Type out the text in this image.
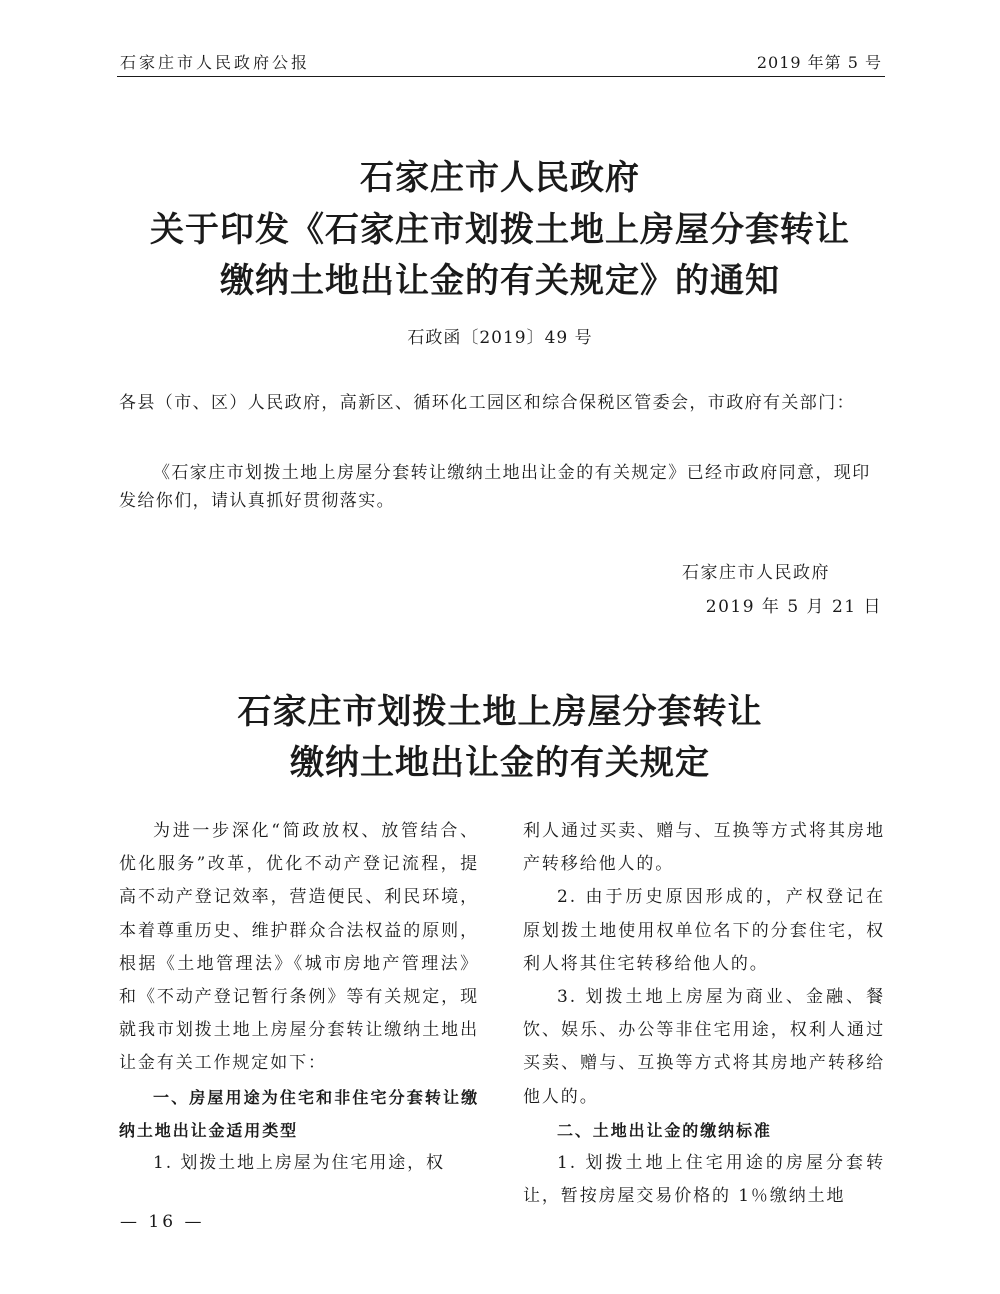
石家庄市人民政府公报	2019 年第 5 号
石家庄市人民政府
关于印发《石家庄市划拨土地上房屋分套转让
缴纳土地出让金的有关规定》的通知
石政函〔2019〕49 号
各县（市、区）人民政府，高新区、循环化工园区和综合保税区管委会，市政府有关部门：
《石家庄市划拨土地上房屋分套转让缴纳土地出让金的有关规定》已经市政府同意，现印发给你们，请认真抓好贯彻落实。
石家庄市人民政府
2019 年 5 月 21 日
石家庄市划拨土地上房屋分套转让
缴纳土地出让金的有关规定

为进一步深化“简政放权、放管结合、优化服务”改革，优化不动产登记流程，提高不动产登记效率，营造便民、利民环境，本着尊重历史、维护群众合法权益的原则，根据《土地管理法》《城市房地产管理法》和《不动产登记暂行条例》等有关规定，现就我市划拨土地上房屋分套转让缴纳土地出让金有关工作规定如下：

一、房屋用途为住宅和非住宅分套转让缴纳土地出让金适用类型

1. 划拨土地上房屋为住宅用途，权

利人通过买卖、赠与、互换等方式将其房地产转移给他人的。

2. 由于历史原因形成的，产权登记在原划拨土地使用权单位名下的分套住宅，权利人将其住宅转移给他人的。

3. 划拨土地上房屋为商业、金融、餐饮、娱乐、办公等非住宅用途，权利人通过买卖、赠与、互换等方式将其房地产转移给他人的。

二、土地出让金的缴纳标准

1. 划拨土地上住宅用途的房屋分套转让，暂按房屋交易价格的 1％缴纳土地

— 16 —
